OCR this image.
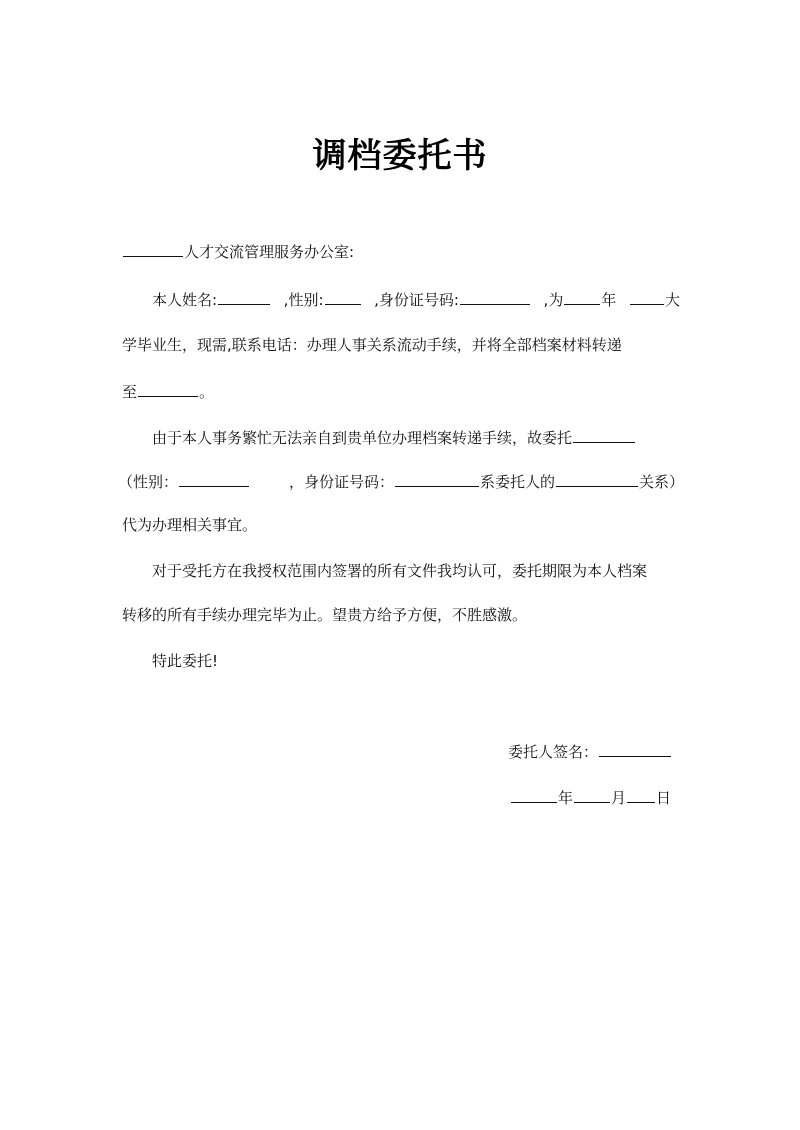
调档委托书
人才交流管理服务办公室:
本人姓名:	,性别:	,身份证号码:	,为	年	大
学毕业生，现需,联系电话：办理人事关系流动手续，并将全部档案材料转递
至	。
由于本人事务繁忙无法亲自到贵单位办理档案转递手续，故委托
（性别：	，身份证号码：	系委托人的	关系）
代为办理相关事宜。
对于受托方在我授权范围内签署的所有文件我均认可，委托期限为本人档案
转移的所有手续办理完毕为止。望贵方给予方便，不胜感激。
特此委托!
委托人签名：
年	月 日
